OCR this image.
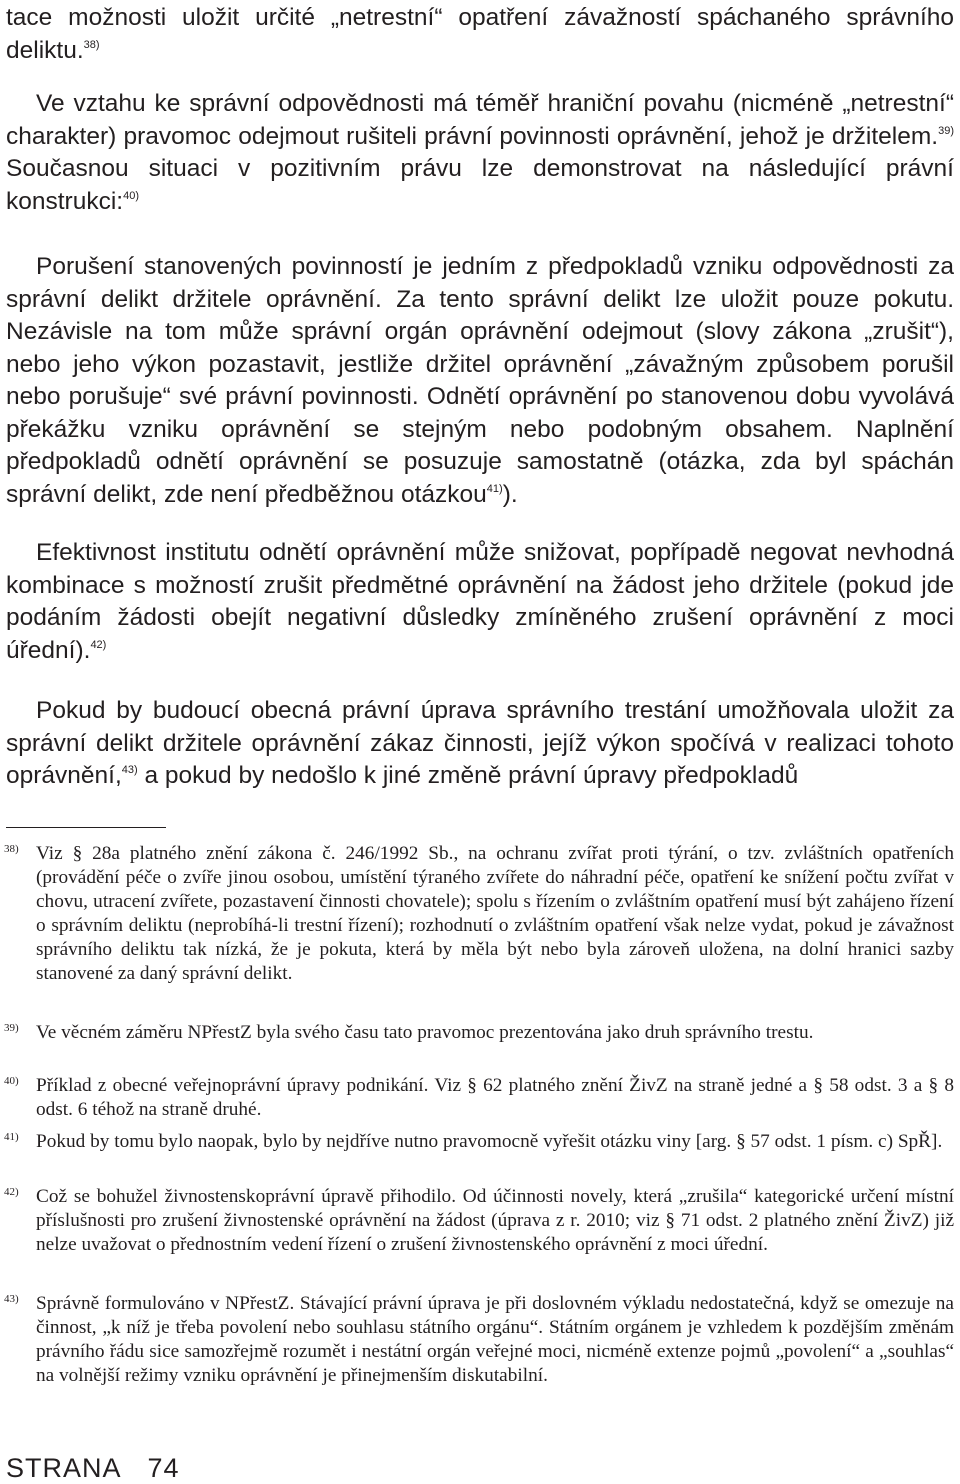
tace možnosti uložit určité „netrestní“ opatření závažností spáchaného správního deliktu.$^{38)}$

Ve vztahu ke správní odpovědnosti má téměř hraniční povahu (nicméně „netrestní“ charakter) pravomoc odejmout rušiteli právní povinnosti oprávnění, jehož je držitelem.$^{39)}$ Současnou situaci v pozitivním právu lze demonstrovat na následující právní konstrukci:$^{40)}$

Porušení stanovených povinností je jedním z předpokladů vzniku odpovědnosti za správní delikt držitele oprávnění. Za tento správní delikt lze uložit pouze pokutu. Nezávisle na tom může správní orgán oprávnění odejmout (slovy zákona „zrušit“), nebo jeho výkon pozastavit, jestliže držitel oprávnění „závažným způsobem porušil nebo porušuje“ své právní povinnosti. Odnětí oprávnění po stanovenou dobu vyvolává překážku vzniku oprávnění se stejným nebo podobným obsahem. Naplnění předpokladů odnětí oprávnění se posuzuje samostatně (otázka, zda byl spáchán správní delikt, zde není předběžnou otázkou$^{41)}$).

Efektivnost institutu odnětí oprávnění může snižovat, popřípadě negovat nevhodná kombinace s možností zrušit předmětné oprávnění na žádost jeho držitele (pokud jde podáním žádosti obejít negativní důsledky zmíněného zrušení oprávnění z moci úřední).$^{42)}$

Pokud by budoucí obecná právní úprava správního trestání umožňovala uložit za správní delikt držitele oprávnění zákaz činnosti, jejíž výkon spočívá v realizaci tohoto oprávnění,$^{43)}$ a pokud by nedošlo k jiné změně právní úpravy předpokladů

38) Viz § 28a platného znění zákona č. 246/1992 Sb., na ochranu zvířat proti týrání, o tzv. zvláštních opatřeních (provádění péče o zvíře jinou osobou, umístění týraného zvířete do náhradní péče, opatření ke snížení počtu zvířat v chovu, utracení zvířete, pozastavení činnosti chovatele); spolu s řízením o zvláštním opatření musí být zahájeno řízení o správním deliktu (neprobíhá-li trestní řízení); rozhodnutí o zvláštním opatření však nelze vydat, pokud je závažnost správního deliktu tak nízká, že je pokuta, která by měla být nebo byla zároveň uložena, na dolní hranici sazby stanovené za daný správní delikt.
39) Ve věcném záměru NPřestZ byla svého času tato pravomoc prezentována jako druh správního trestu.
40) Příklad z obecné veřejnoprávní úpravy podnikání. Viz § 62 platného znění ŽivZ na straně jedné a § 58 odst. 3 a § 8 odst. 6 téhož na straně druhé.
41) Pokud by tomu bylo naopak, bylo by nejdříve nutno pravomocně vyřešit otázku viny [arg. § 57 odst. 1 písm. c) SpŘ].
42) Což se bohužel živnostenskoprávní úpravě přihodilo. Od účinnosti novely, která „zrušila“ kategorické určení místní příslušnosti pro zrušení živnostenské oprávnění na žádost (úprava z r. 2010; viz § 71 odst. 2 platného znění ŽivZ) již nelze uvažovat o přednostním vedení řízení o zrušení živnostenského oprávnění z moci úřední.
43) Správně formulováno v NPřestZ. Stávající právní úprava je při doslovném výkladu nedostatečná, když se omezuje na činnost, „k níž je třeba povolení nebo souhlasu státního orgánu“. Státním orgánem je vzhledem k pozdějším změnám právního řádu sice samozřejmě rozumět i nestátní orgán veřejné moci, nicméně extenze pojmů „povolení“ a „souhlas“ na volnější režimy vzniku oprávnění je přinejmenším diskutabilní.
STRANA 74
